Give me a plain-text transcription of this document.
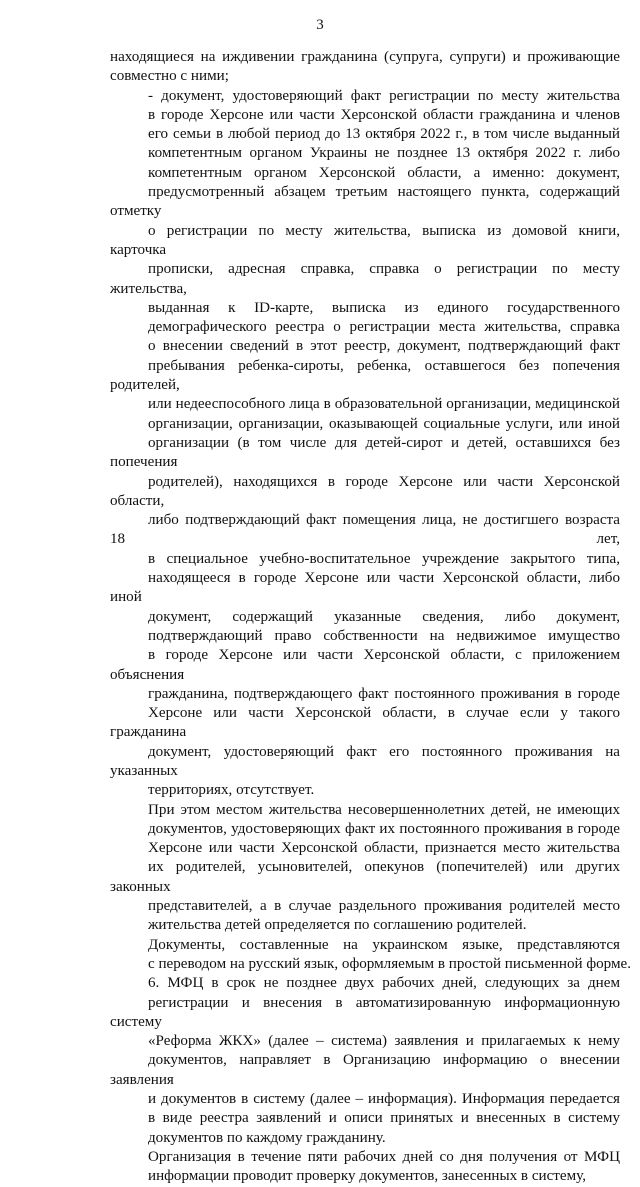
3
находящиеся на иждивении гражданина (супруга, супруги) и проживающие
совместно с ними;
- документ, удостоверяющий факт регистрации по месту жительства
в городе Херсоне или части Херсонской области гражданина и членов
его семьи в любой период до 13 октября 2022 г., в том числе выданный
компетентным органом Украины не позднее 13 октября 2022 г. либо
компетентным органом Херсонской области, а именно: документ,
предусмотренный абзацем третьим настоящего пункта, содержащий отметку
о регистрации по месту жительства, выписка из домовой книги, карточка
прописки, адресная справка, справка о регистрации по месту жительства,
выданная к ID-карте, выписка из единого государственного
демографического реестра о регистрации места жительства, справка
о внесении сведений в этот реестр, документ, подтверждающий факт
пребывания ребенка-сироты, ребенка, оставшегося без попечения родителей,
или недееспособного лица в образовательной организации, медицинской
организации, организации, оказывающей социальные услуги, или иной
организации (в том числе для детей-сирот и детей, оставшихся без попечения
родителей), находящихся в городе Херсоне или части Херсонской области,
либо подтверждающий факт помещения лица, не достигшего возраста 18 лет,
в специальное учебно-воспитательное учреждение закрытого типа,
находящееся в городе Херсоне или части Херсонской области, либо иной
документ, содержащий указанные сведения, либо документ,
подтверждающий право собственности на недвижимое имущество
в городе Херсоне или части Херсонской области, с приложением объяснения
гражданина, подтверждающего факт постоянного проживания в городе
Херсоне или части Херсонской области, в случае если у такого гражданина
документ, удостоверяющий факт его постоянного проживания на указанных
территориях, отсутствует.
При этом местом жительства несовершеннолетних детей, не имеющих
документов, удостоверяющих факт их постоянного проживания в городе
Херсоне или части Херсонской области, признается место жительства
их родителей, усыновителей, опекунов (попечителей) или других законных
представителей, а в случае раздельного проживания родителей место
жительства детей определяется по соглашению родителей.
Документы, составленные на украинском языке, представляются
с переводом на русский язык, оформляемым в простой письменной форме.
6. МФЦ в срок не позднее двух рабочих дней, следующих за днем
регистрации и внесения в автоматизированную информационную систему
«Реформа ЖКХ» (далее – система) заявления и прилагаемых к нему
документов, направляет в Организацию информацию о внесении заявления
и документов в систему (далее – информация). Информация передается
в виде реестра заявлений и описи принятых и внесенных в систему
документов по каждому гражданину.
Организация в течение пяти рабочих дней со дня получения от МФЦ
информации проводит проверку документов, занесенных в систему,
